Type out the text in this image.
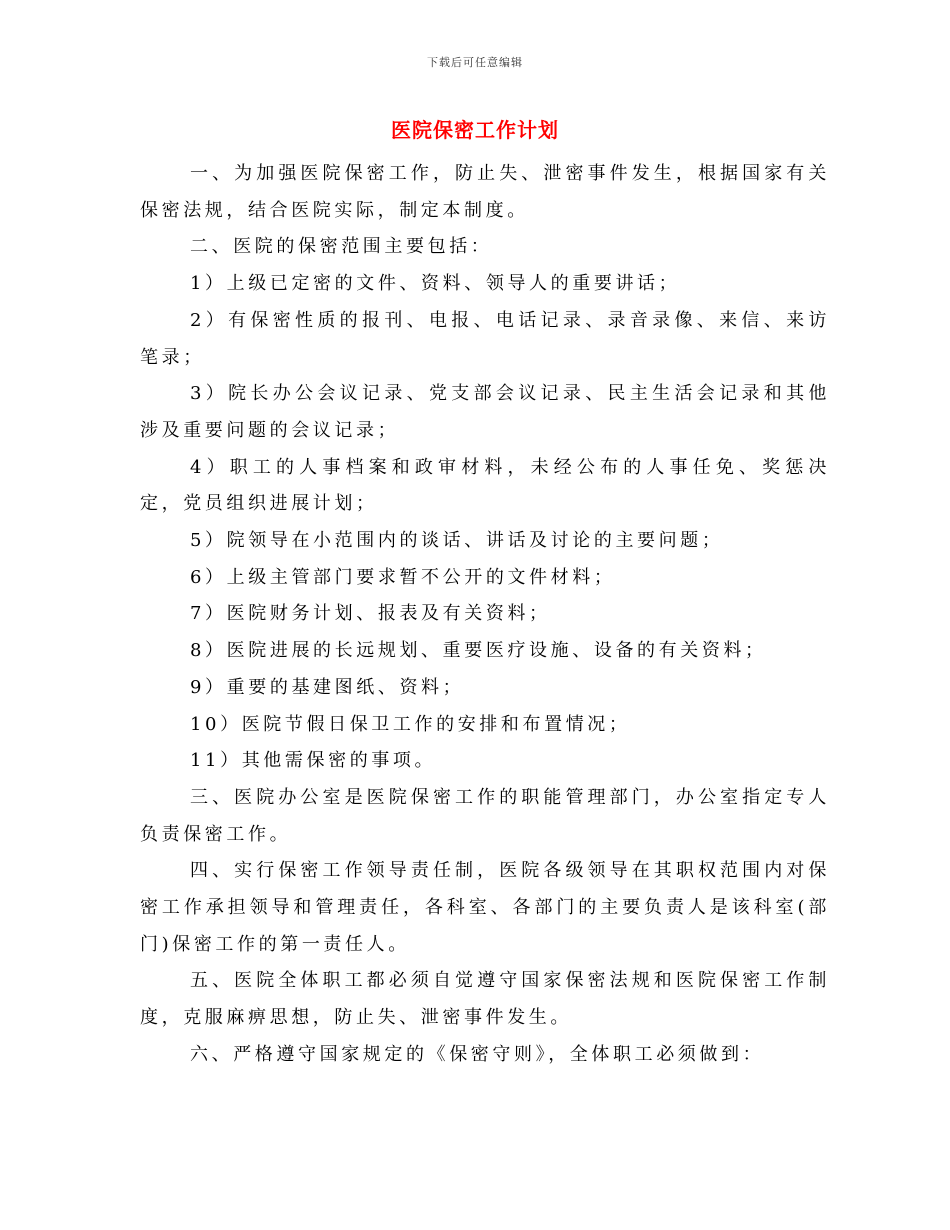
下载后可任意编辑
医院保密工作计划

一、为加强医院保密工作，防止失、泄密事件发生，根据国家有关保密法规，结合医院实际，制定本制度。

二、医院的保密范围主要包括：

1）上级已定密的文件、资料、领导人的重要讲话；

2）有保密性质的报刊、电报、电话记录、录音录像、来信、来访笔录；

3）院长办公会议记录、党支部会议记录、民主生活会记录和其他涉及重要问题的会议记录；

4）职工的人事档案和政审材料，未经公布的人事任免、奖惩决定，党员组织进展计划；

5）院领导在小范围内的谈话、讲话及讨论的主要问题；

6）上级主管部门要求暂不公开的文件材料；

7）医院财务计划、报表及有关资料；

8）医院进展的长远规划、重要医疗设施、设备的有关资料；

9）重要的基建图纸、资料；

10）医院节假日保卫工作的安排和布置情况；

11）其他需保密的事项。

三、医院办公室是医院保密工作的职能管理部门，办公室指定专人负责保密工作。

四、实行保密工作领导责任制，医院各级领导在其职权范围内对保密工作承担领导和管理责任，各科室、各部门的主要负责人是该科室(部门)保密工作的第一责任人。

五、医院全体职工都必须自觉遵守国家保密法规和医院保密工作制度，克服麻痹思想，防止失、泄密事件发生。

六、严格遵守国家规定的《保密守则》，全体职工必须做到：
